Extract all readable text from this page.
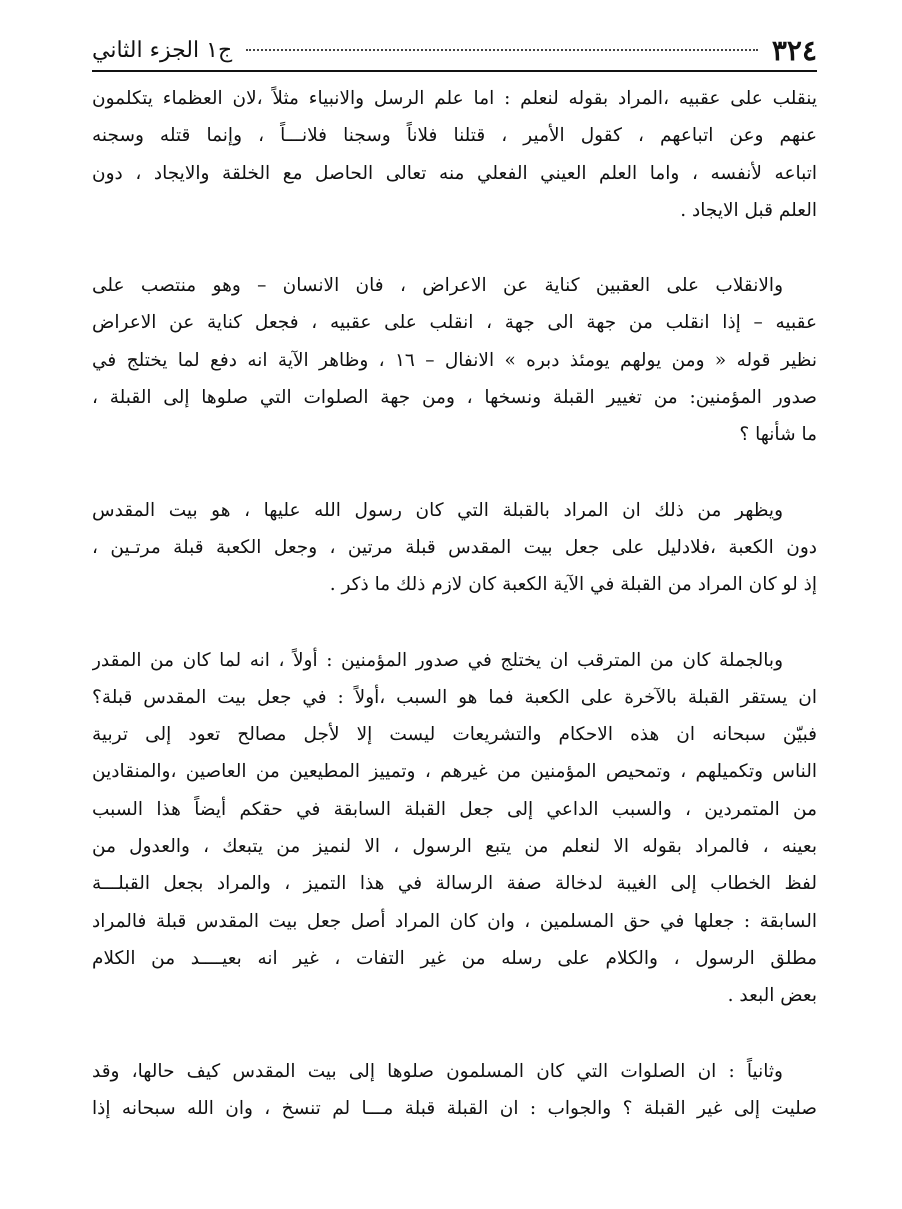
٣٢٤
ج١ الجزء الثاني

ينقلب على عقبيه ،المراد بقوله لنعلم : اما علم الرسل والانبياء مثلاً ،لان العظماء يتكلمون
عنهم وعن اتباعهم ، كقول الأمير ، قتلنا فلاناً وسجنا فلانـــاً ، وإنما قتله وسجنه
اتباعه لأنفسه ، واما العلم العيني الفعلي منه تعالى الحاصل مع الخلقة والايجاد ، دون
العلم قبل الايجاد .

والانقلاب على العقبين كناية عن الاعراض ، فان الانسان – وهو منتصب على
عقبيه – إذا انقلب من جهة الى جهة ، انقلب على عقبيه ، فجعل كناية عن الاعراض
نظير قوله « ومن يولهم يومئذ دبره » الانفال – ١٦ ، وظاهر الآية انه دفع لما يختلج في
صدور المؤمنين: من تغيير القبلة ونسخها ، ومن جهة الصلوات التي صلوها إلى القبلة ،
ما شأنها ؟

ويظهر من ذلك ان المراد بالقبلة التي كان رسول الله عليها ، هو بيت المقدس
دون الكعبة ،فلادليل على جعل بيت المقدس قبلة مرتين ، وجعل الكعبة قبلة مرتـين ،
إذ لو كان المراد من القبلة في الآية الكعبة كان لازم ذلك ما ذكر .

وبالجملة كان من المترقب ان يختلج في صدور المؤمنين : أولاً ، انه لما كان من المقدر
ان يستقر القبلة بالآخرة على الكعبة فما هو السبب ،أولاً : في جعل بيت المقدس قبلة؟
فبيّن سبحانه ان هذه الاحكام والتشريعات ليست إلا لأجل مصالح تعود إلى تربية
الناس وتكميلهم ، وتمحيص المؤمنين من غيرهم ، وتمييز المطيعين من العاصين ،والمنقادين
من المتمردين ، والسبب الداعي إلى جعل القبلة السابقة في حقكم أيضاً هذا السبب
بعينه ، فالمراد بقوله الا لنعلم من يتبع الرسول ، الا لنميز من يتبعك ، والعدول من
لفظ الخطاب إلى الغيبة لدخالة صفة الرسالة في هذا التميز ، والمراد بجعل القبلـــة
السابقة : جعلها في حق المسلمين ، وان كان المراد أصل جعل بيت المقدس قبلة فالمراد
مطلق الرسول ، والكلام على رسله من غير التفات ، غير انه بعيــــد من الكلام
بعض البعد .

وثانياً : ان الصلوات التي كان المسلمون صلوها إلى بيت المقدس كيف حالها، وقد
صليت إلى غير القبلة ؟ والجواب : ان القبلة قبلة مـــا لم تنسخ ، وان الله سبحانه إذا
